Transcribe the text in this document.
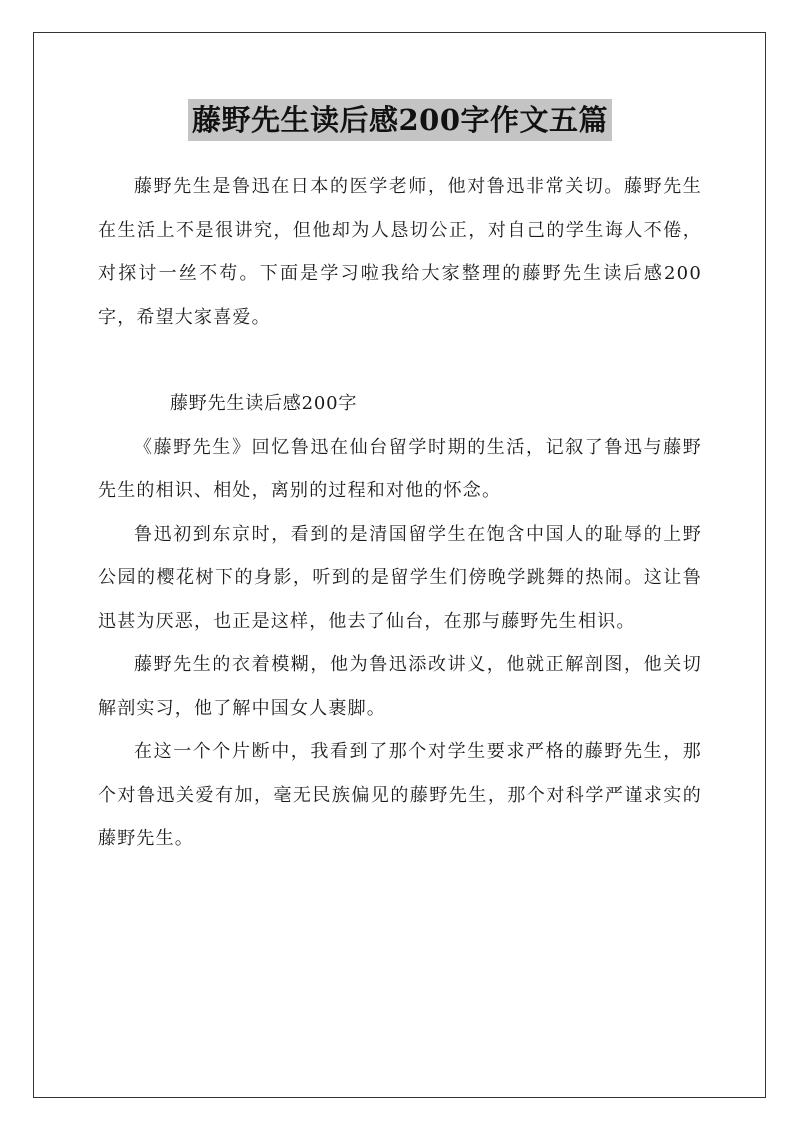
藤野先生读后感200字作文五篇

藤野先生是鲁迅在日本的医学老师，他对鲁迅非常关切。藤野先生在生活上不是很讲究，但他却为人恳切公正，对自己的学生诲人不倦，对探讨一丝不苟。下面是学习啦我给大家整理的藤野先生读后感200字，希望大家喜爱。

藤野先生读后感200字

《藤野先生》回忆鲁迅在仙台留学时期的生活，记叙了鲁迅与藤野先生的相识、相处，离别的过程和对他的怀念。

鲁迅初到东京时，看到的是清国留学生在饱含中国人的耻辱的上野公园的樱花树下的身影，听到的是留学生们傍晚学跳舞的热闹。这让鲁迅甚为厌恶，也正是这样，他去了仙台，在那与藤野先生相识。

藤野先生的衣着模糊，他为鲁迅添改讲义，他就正解剖图，他关切解剖实习，他了解中国女人裹脚。

在这一个个片断中，我看到了那个对学生要求严格的藤野先生，那个对鲁迅关爱有加，毫无民族偏见的藤野先生，那个对科学严谨求实的藤野先生。
